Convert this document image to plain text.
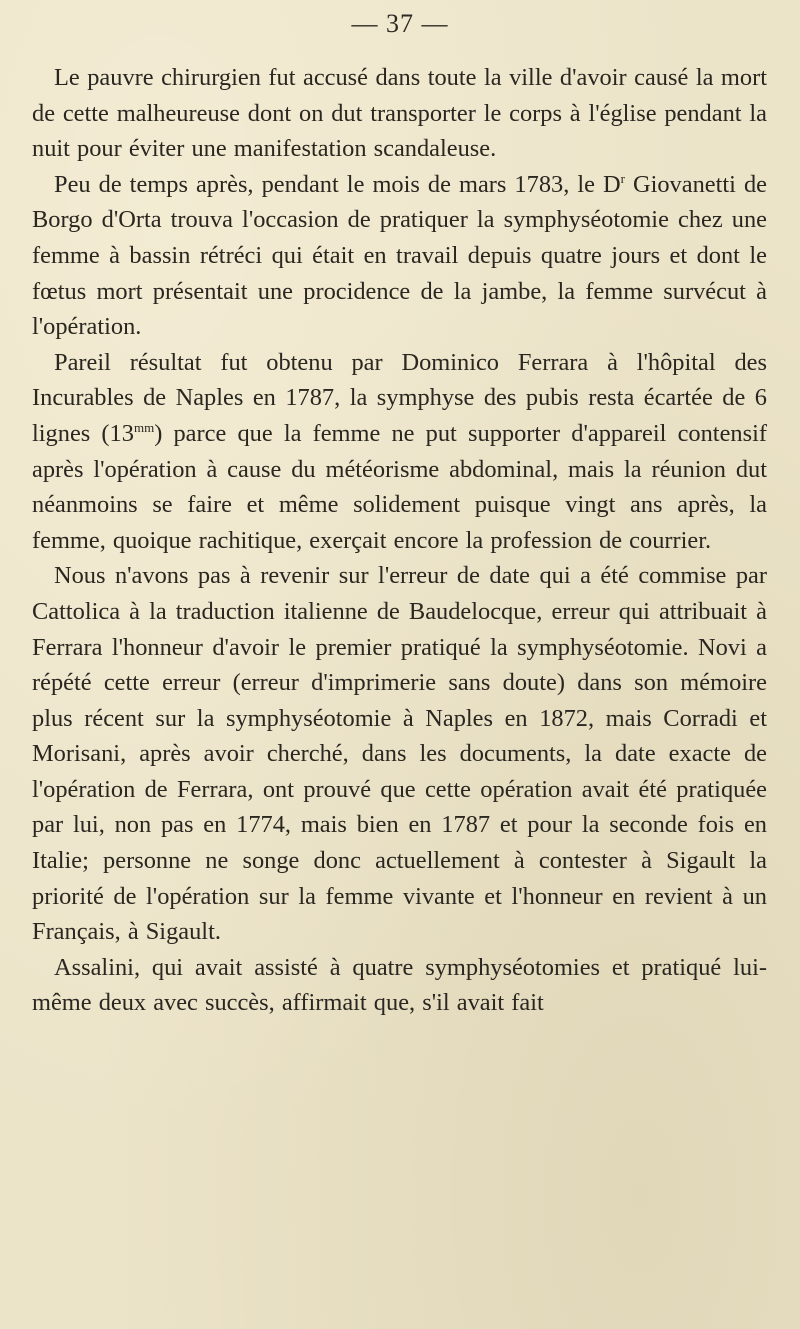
— 37 —

Le pauvre chirurgien fut accusé dans toute la ville d'avoir causé la mort de cette malheureuse dont on dut transporter le corps à l'église pendant la nuit pour éviter une manifestation scandaleuse.

Peu de temps après, pendant le mois de mars 1783, le $D^r$ Giovanetti de Borgo d'Orta trouva l'occasion de pratiquer la symphyséotomie chez une femme à bassin rétréci qui était en travail depuis quatre jours et dont le fœtus mort présentait une procidence de la jambe, la femme survécut à l'opération.

Pareil résultat fut obtenu par Dominico Ferrara à l'hôpital des Incurables de Naples en 1787, la symphyse des pubis resta écartée de 6 lignes $(13^{mm})$ parce que la femme ne put supporter d'appareil contensif après l'opération à cause du météorisme abdominal, mais la réunion dut néanmoins se faire et même solidement puisque vingt ans après, la femme, quoique rachitique, exerçait encore la profession de courrier.

Nous n'avons pas à revenir sur l'erreur de date qui a été commise par Cattolica à la traduction italienne de Baudelocque, erreur qui attribuait à Ferrara l'honneur d'avoir le premier pratiqué la symphyséotomie. Novi a répété cette erreur (erreur d'imprimerie sans doute) dans son mémoire plus récent sur la symphyséotomie à Naples en 1872, mais Corradi et Morisani, après avoir cherché, dans les documents, la date exacte de l'opération de Ferrara, ont prouvé que cette opération avait été pratiquée par lui, non pas en 1774, mais bien en 1787 et pour la seconde fois en Italie; personne ne songe donc actuellement à contester à Sigault la priorité de l'opération sur la femme vivante et l'honneur en revient à un Français, à Sigault.

Assalini, qui avait assisté à quatre symphyséotomies et pratiqué lui-même deux avec succès, affirmait que, s'il avait fait
